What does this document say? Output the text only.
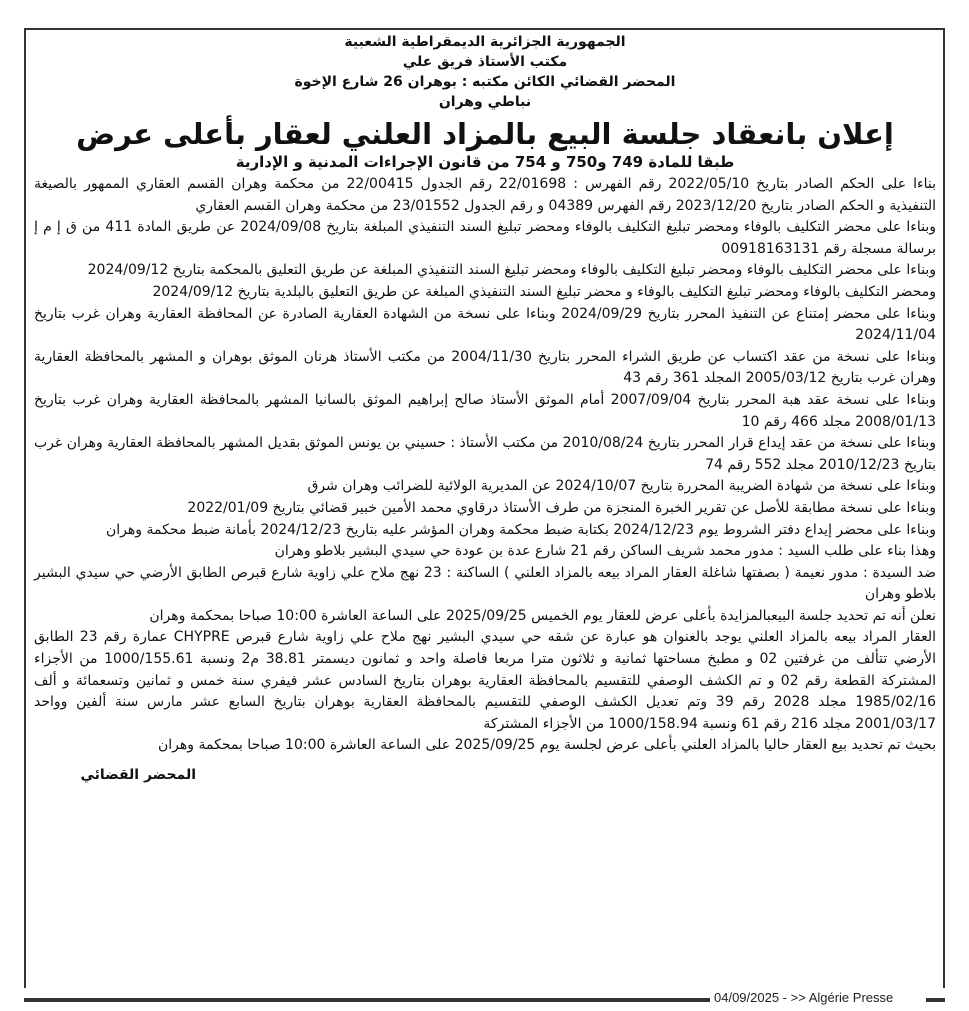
الجمهورية الجزائرية الديمقراطية الشعبية
مكتب الأستاذ فريق علي
المحضر القضائي الكائن مكتبه : بوهران 26 شارع الإخوة
نباطي وهران
إعلان بانعقاد جلسة البيع بالمزاد العلني لعقار بأعلى عرض
طبقا للمادة 749 و750 و 754 من قانون الإجراءات المدنية و الإدارية

بناءا على الحكم الصادر بتاريخ 2022/05/10 رقم الفهرس : 22/01698 رقم الجدول 22/00415 من محكمة وهران القسم العقاري الممهور بالصيغة التنفيذية و الحكم الصادر بتاريخ 2023/12/20 رقم الفهرس 04389 و رقم الجدول 23/01552 من محكمة وهران القسم العقاري

وبناءا على محضر التكليف بالوفاء ومحضر تبليغ التكليف بالوفاء ومحضر تبليغ السند التنفيذي المبلغة بتاريخ 2024/09/08 عن طريق المادة 411 من ق إ م إ برسالة مسجلة رقم 00918163131

وبناءا على محضر التكليف بالوفاء ومحضر تبليغ التكليف بالوفاء ومحضر تبليغ السند التنفيذي المبلغة عن طريق التعليق بالمحكمة بتاريخ 2024/09/12

ومحضر التكليف بالوفاء ومحضر تبليغ التكليف بالوفاء و محضر تبليغ السند التنفيذي المبلغة عن طريق التعليق بالبلدية بتاريخ 2024/09/12

وبناءا على محضر إمتناع عن التنفيذ المحرر بتاريخ 2024/09/29 وبناءا على نسخة من الشهادة العقارية الصادرة عن المحافظة العقارية وهران غرب بتاريخ 2024/11/04

وبناءا على نسخة من عقد اكتساب عن طريق الشراء المحرر بتاريخ 2004/11/30 من مكتب الأستاذ هرنان الموثق بوهران و المشهر بالمحافظة العقارية وهران غرب بتاريخ 2005/03/12 المجلد 361 رقم 43

وبناءا على نسخة عقد هبة المحرر بتاريخ 2007/09/04 أمام الموثق الأستاذ صالح إبراهيم الموثق بالسانيا المشهر بالمحافظة العقارية وهران غرب بتاريخ 2008/01/13 مجلد 466 رقم 10

وبناءا على نسخة من عقد إيداع قرار المحرر بتاريخ 2010/08/24 من مكتب الأستاذ : حسيني بن يونس الموثق بقديل المشهر بالمحافظة العقارية وهران غرب بتاريخ 2010/12/23 مجلد 552 رقم 74

وبناءا على نسخة من شهادة الضريبة المحررة بتاريخ 2024/10/07 عن المديرية الولائية للضرائب وهران شرق

وبناءا على نسخة مطابقة للأصل عن تقرير الخبرة المنجزة من طرف الأستاذ درقاوي محمد الأمين خبير قضائي بتاريخ 2022/01/09

وبناءا على محضر إيداع دفتر الشروط يوم 2024/12/23 بكتابة ضبط محكمة وهران المؤشر عليه بتاريخ 2024/12/23 بأمانة ضبط محكمة وهران

وهذا بناء على طلب السيد : مدور محمد شريف الساكن رقم 21 شارع عدة بن عودة حي سيدي البشير بلاطو وهران

ضد السيدة : مدور نعيمة ( بصفتها شاغلة العقار المراد بيعه بالمزاد العلني ) الساكنة : 23 نهج ملاح علي زاوية شارع قبرص الطابق الأرضي حي سيدي البشير بلاطو وهران

نعلن أنه تم تحديد جلسة البيعبالمزايدة بأعلى عرض للعقار يوم الخميس 2025/09/25 على الساعة العاشرة 10:00 صباحا بمحكمة وهران

العقار المراد بيعه بالمزاد العلني يوجد بالعنوان هو عبارة عن شقه حي سيدي البشير نهج ملاح علي زاوية شارع قبرص CHYPRE عمارة رقم 23 الطابق الأرضي تتألف من غرفتين 02 و مطبخ مساحتها ثمانية و ثلاثون مترا مربعا فاصلة واحد و ثمانون ديسمتر 38.81 م2 ونسبة 1000/155.61 من الأجزاء المشتركة القطعة رقم 02 و تم الكشف الوصفي للتقسيم بالمحافظة العقارية بوهران بتاريخ السادس عشر فيفري سنة خمس و ثمانين وتسعمائة و ألف 1985/02/16 مجلد 2028 رقم 39 وتم تعديل الكشف الوصفي للتقسيم بالمحافظة العقارية بوهران بتاريخ السابع عشر مارس سنة ألفين وواحد 2001/03/17 مجلد 216 رقم 61 ونسبة 1000/158.94 من الأجزاء المشتركة

بحيث تم تحديد بيع العقار حاليا بالمزاد العلني بأعلى عرض لجلسة يوم 2025/09/25 على الساعة العاشرة 10:00 صباحا بمحكمة وهران

المحضر القضائي
04/09/2025 - >> Algérie Presse
